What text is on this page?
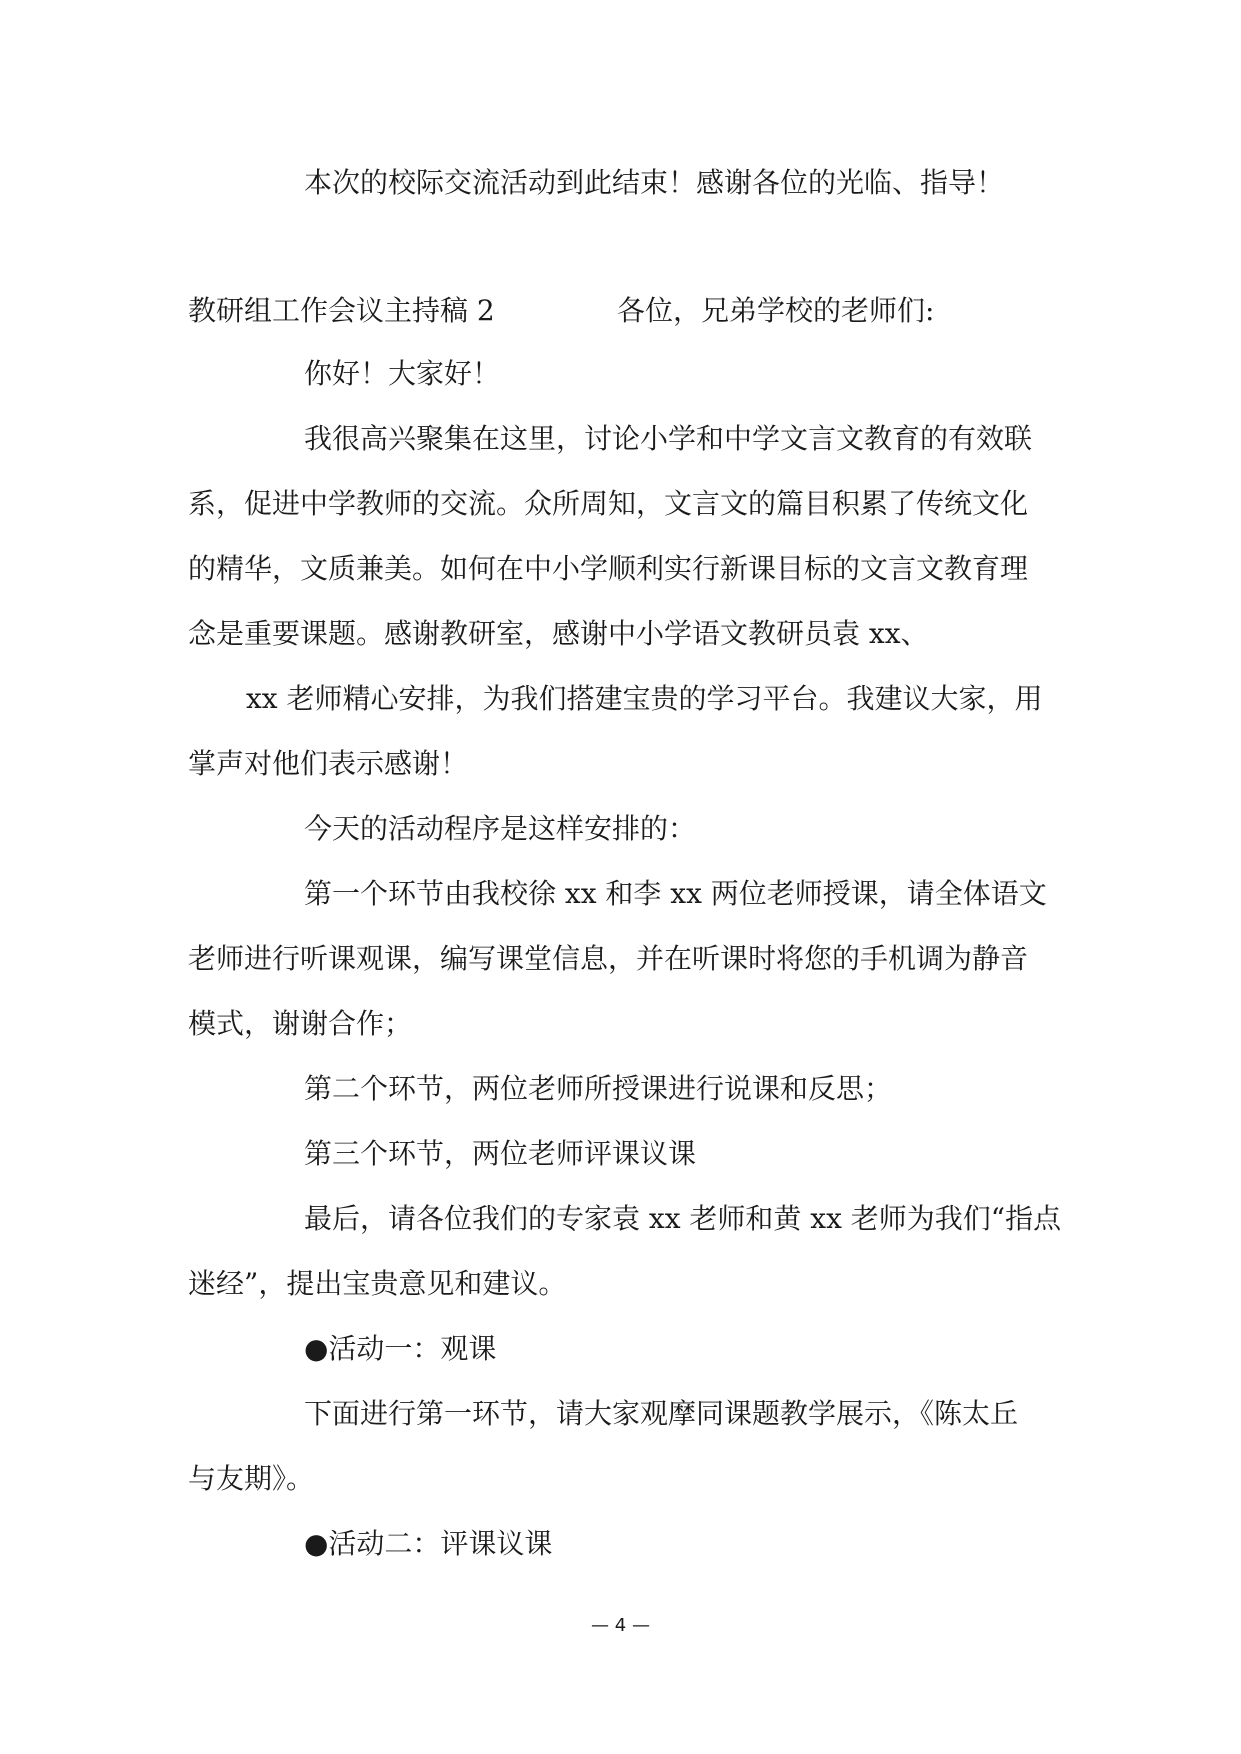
本次的校际交流活动到此结束！感谢各位的光临、指导！

教研组工作会议主持稿 2	各位，兄弟学校的老师们:

你好！大家好！

我很高兴聚集在这里，讨论小学和中学文言文教育的有效联

系，促进中学教师的交流。众所周知，文言文的篇目积累了传统文化

的精华，文质兼美。如何在中小学顺利实行新课目标的文言文教育理

念是重要课题。感谢教研室，感谢中小学语文教研员袁 xx、

xx 老师精心安排，为我们搭建宝贵的学习平台。我建议大家，用

掌声对他们表示感谢！

今天的活动程序是这样安排的：

第一个环节由我校徐 xx 和李 xx 两位老师授课，请全体语文

老师进行听课观课，编写课堂信息，并在听课时将您的手机调为静音

模式，谢谢合作；

第二个环节，两位老师所授课进行说课和反思；

第三个环节，两位老师评课议课

最后，请各位我们的专家袁 xx 老师和黄 xx 老师为我们“指点

迷经”，提出宝贵意见和建议。

●活动一：观课

下面进行第一环节，请大家观摩同课题教学展示，《陈太丘

与友期》。

●活动二：评课议课

— 4 —
